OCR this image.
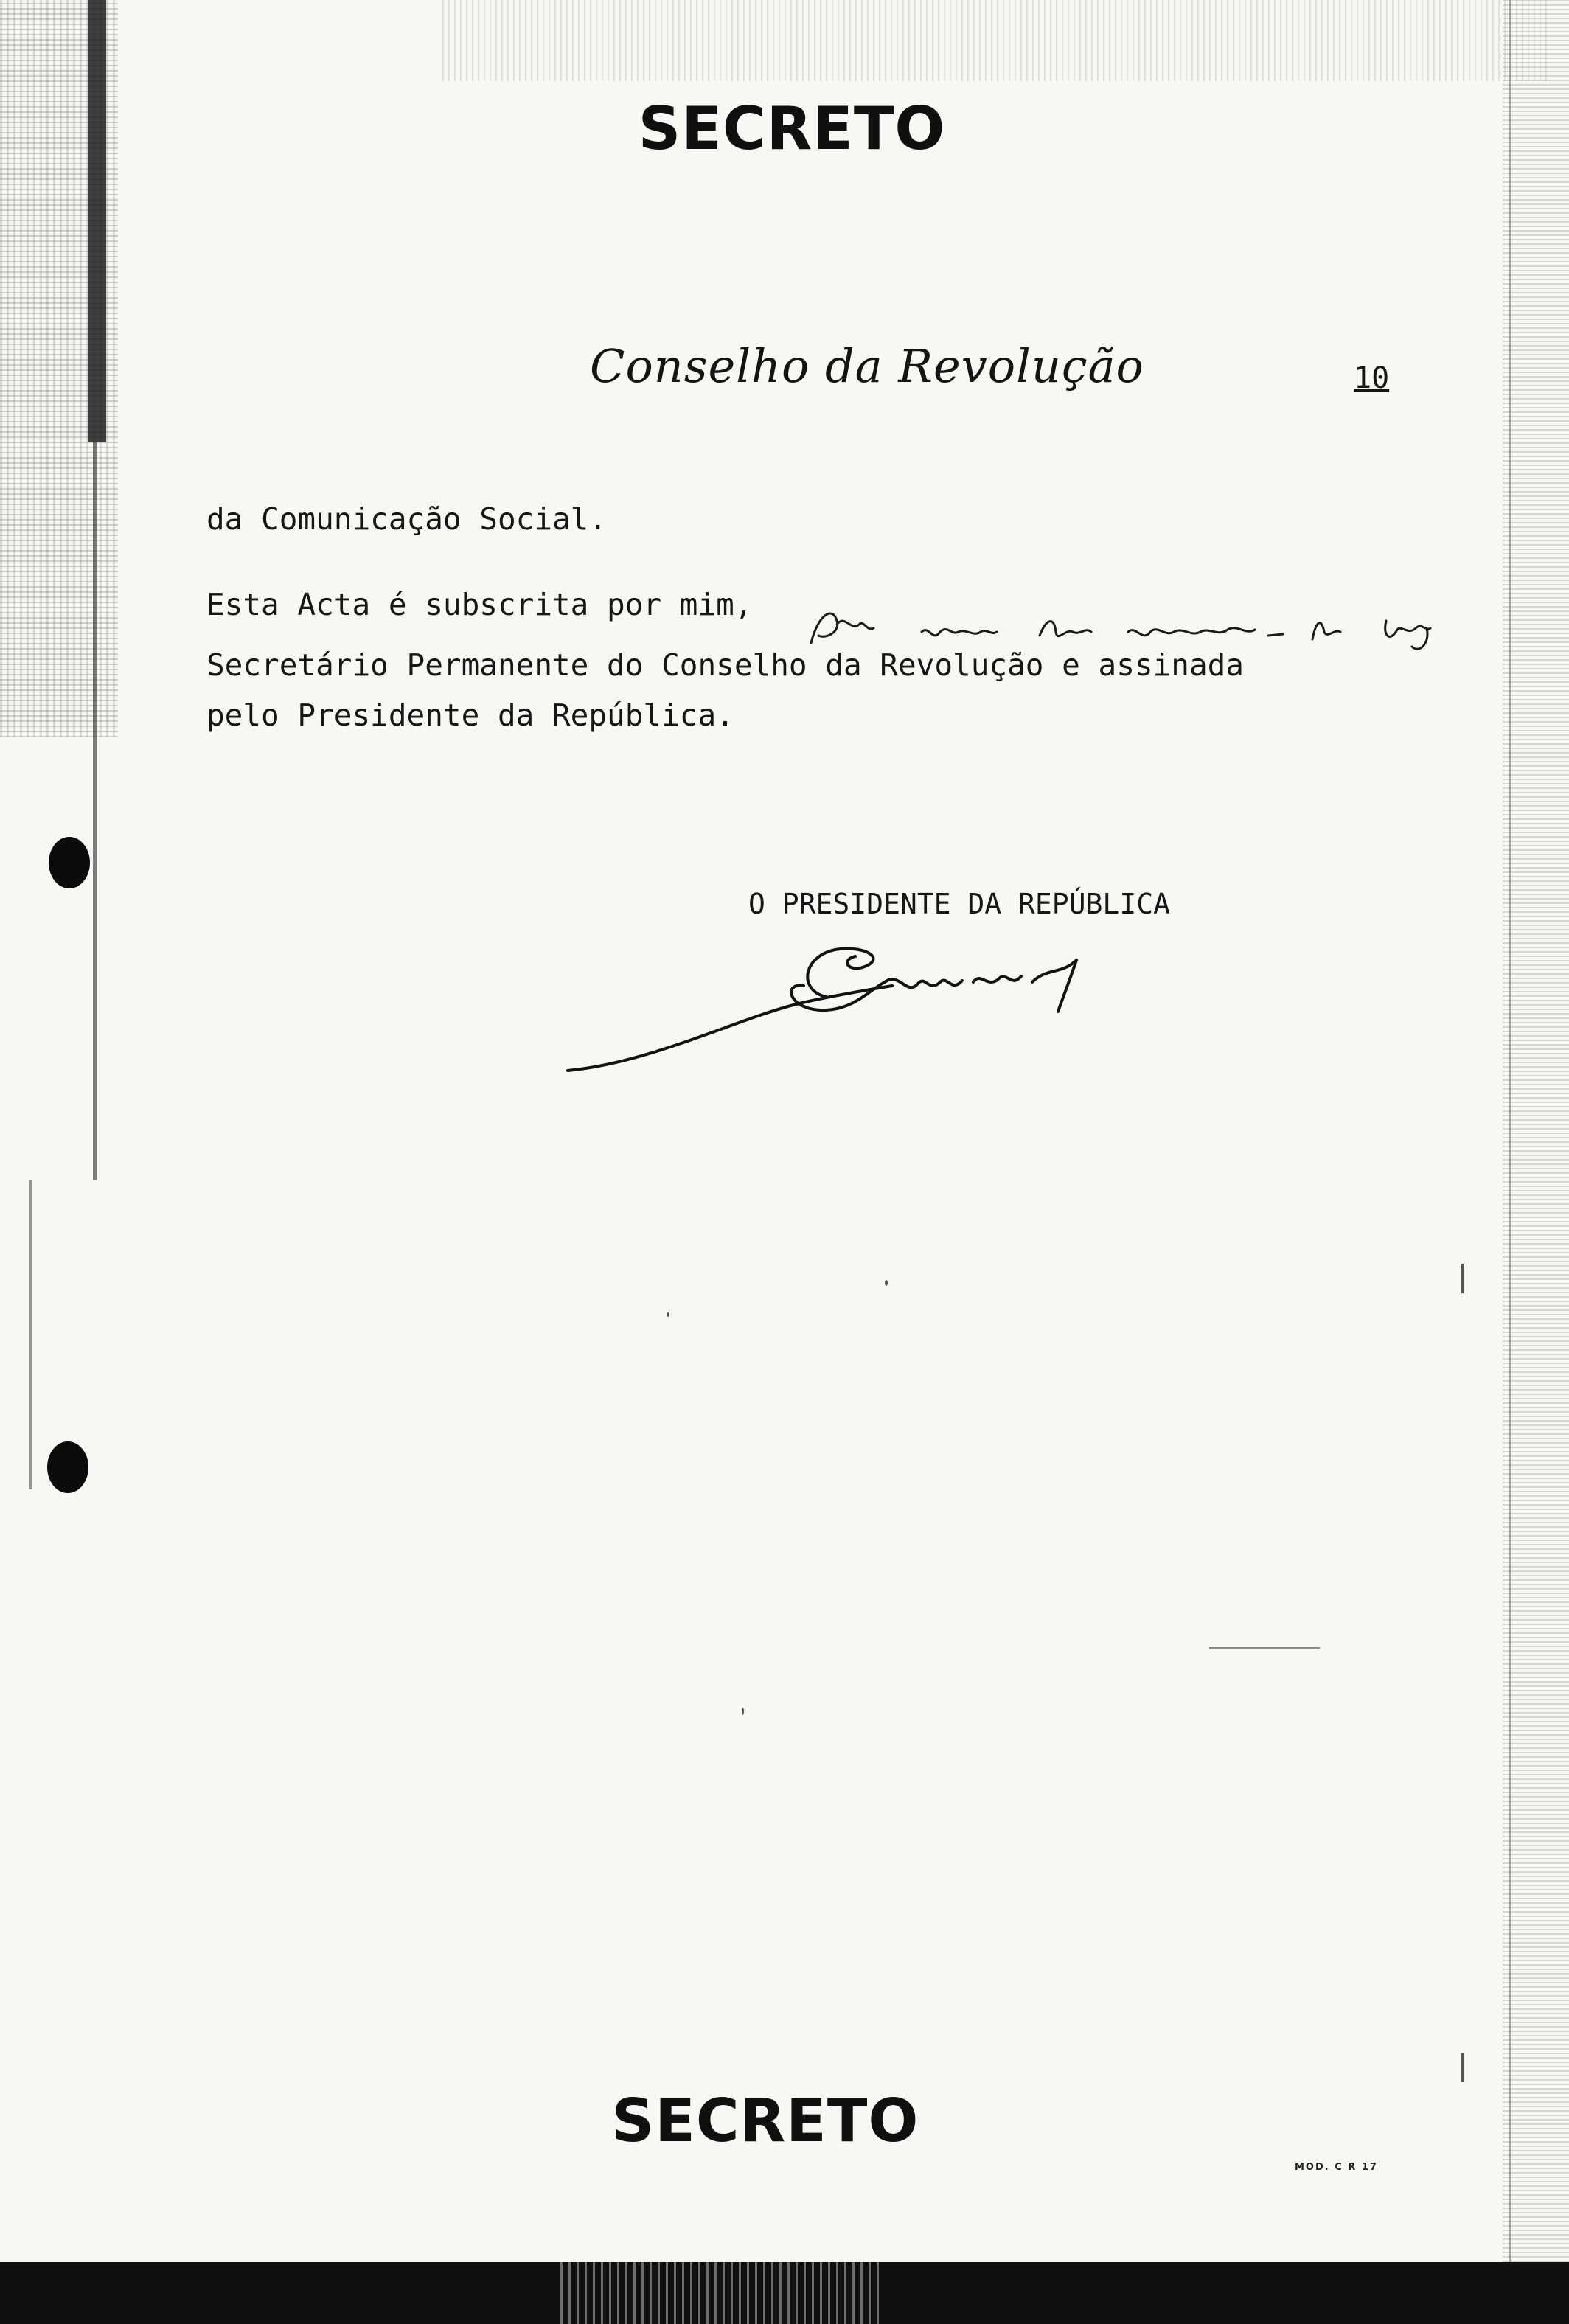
SECRETO
Conselho da Revolução	10
da Comunicação Social.
Esta Acta é subscrita por mim,
Secretário Permanente do Conselho da Revolução e assinada
pelo Presidente da República.
O PRESIDENTE DA REPÚBLICA
SECRETO
MOD. C R 17
